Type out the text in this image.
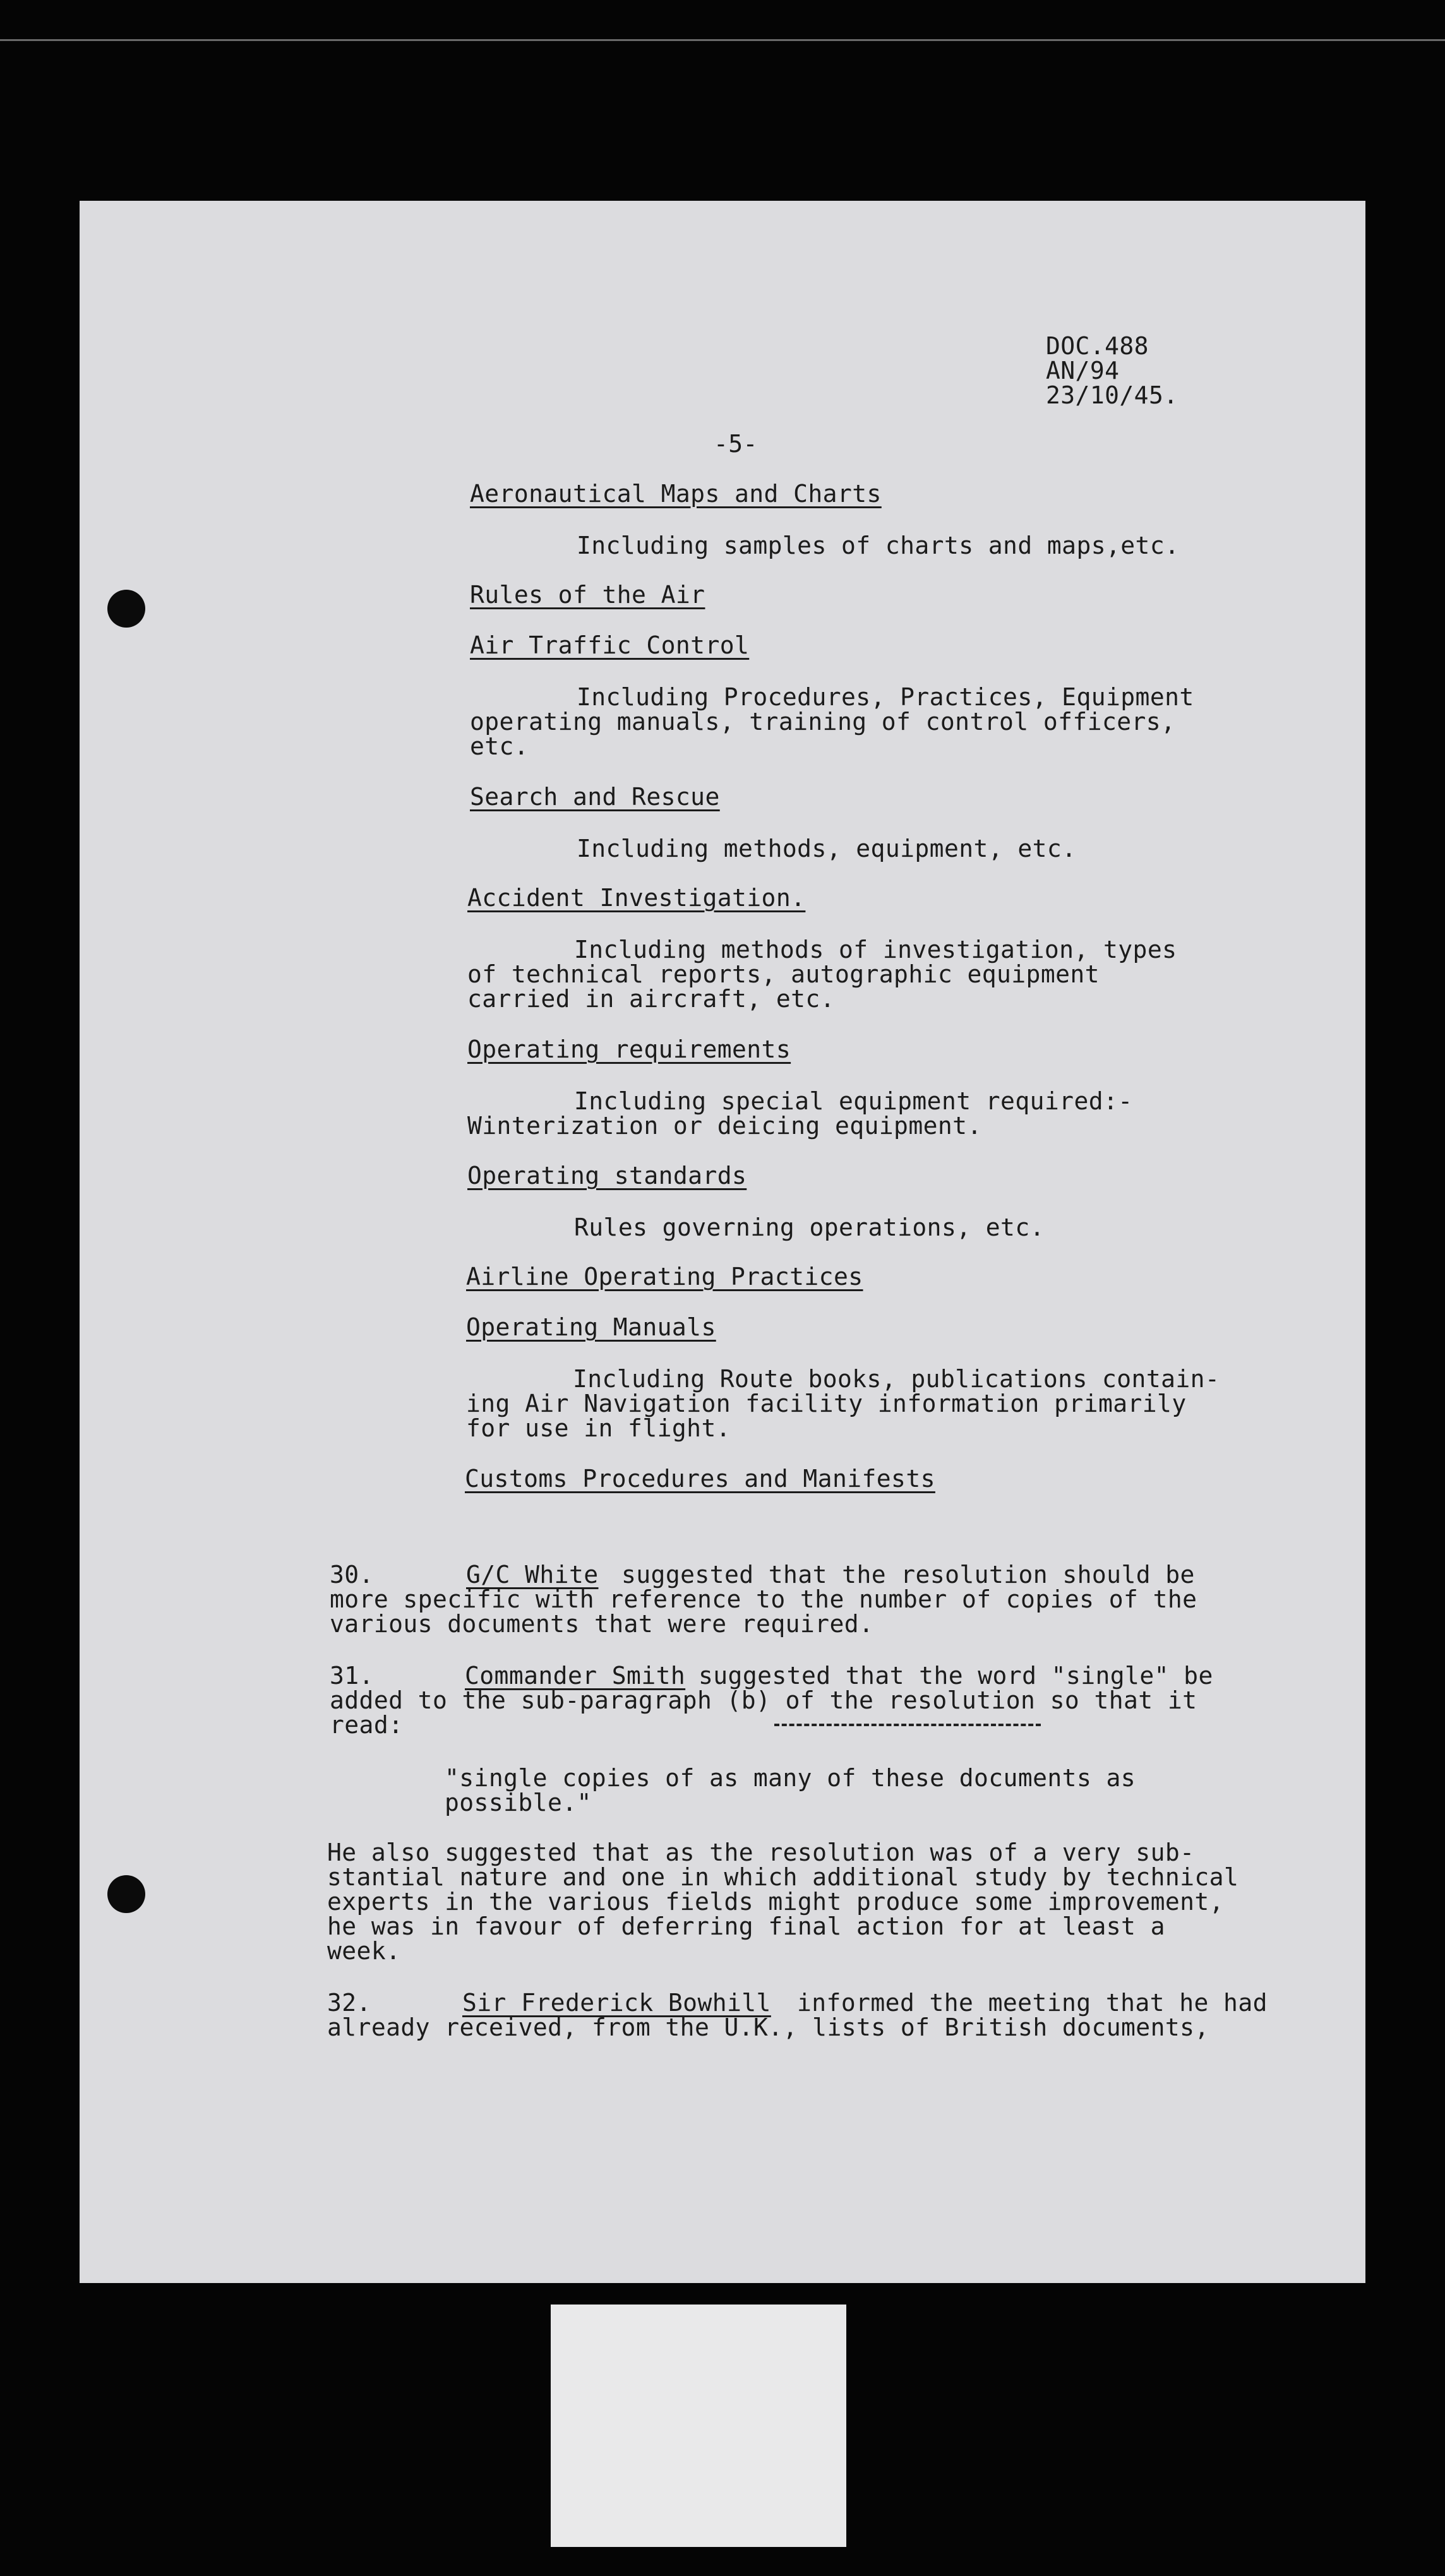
DOC.488
AN/94
23/10/45.
-5-
Aeronautical Maps and Charts
Including samples of charts and maps,etc.
Rules of the Air
Air Traffic Control
Including Procedures, Practices, Equipment
operating manuals, training of control officers,
etc.
Search and Rescue
Including methods, equipment, etc.
Accident Investigation.
Including methods of investigation, types
of technical reports, autographic equipment
carried in aircraft, etc.
Operating requirements
Including special equipment required:-
Winterization or deicing equipment.
Operating standards
Rules governing operations, etc.
Airline Operating Practices
Operating Manuals
Including Route books, publications contain-
ing Air Navigation facility information primarily
for use in flight.
Customs Procedures and Manifests
30.	G/C White suggested that the resolution should be
more specific with reference to the number of copies of the
various documents that were required.
31.	Commander Smith suggested that the word "single" be
added to the sub-paragraph (b) of the resolution so that it
read:
"single copies of as many of these documents as
possible."
He also suggested that as the resolution was of a very sub-
stantial nature and one in which additional study by technical
experts in the various fields might produce some improvement,
he was in favour of deferring final action for at least a
week.
32.	Sir Frederick Bowhill informed the meeting that he had
already received, from the U.K., lists of British documents,
